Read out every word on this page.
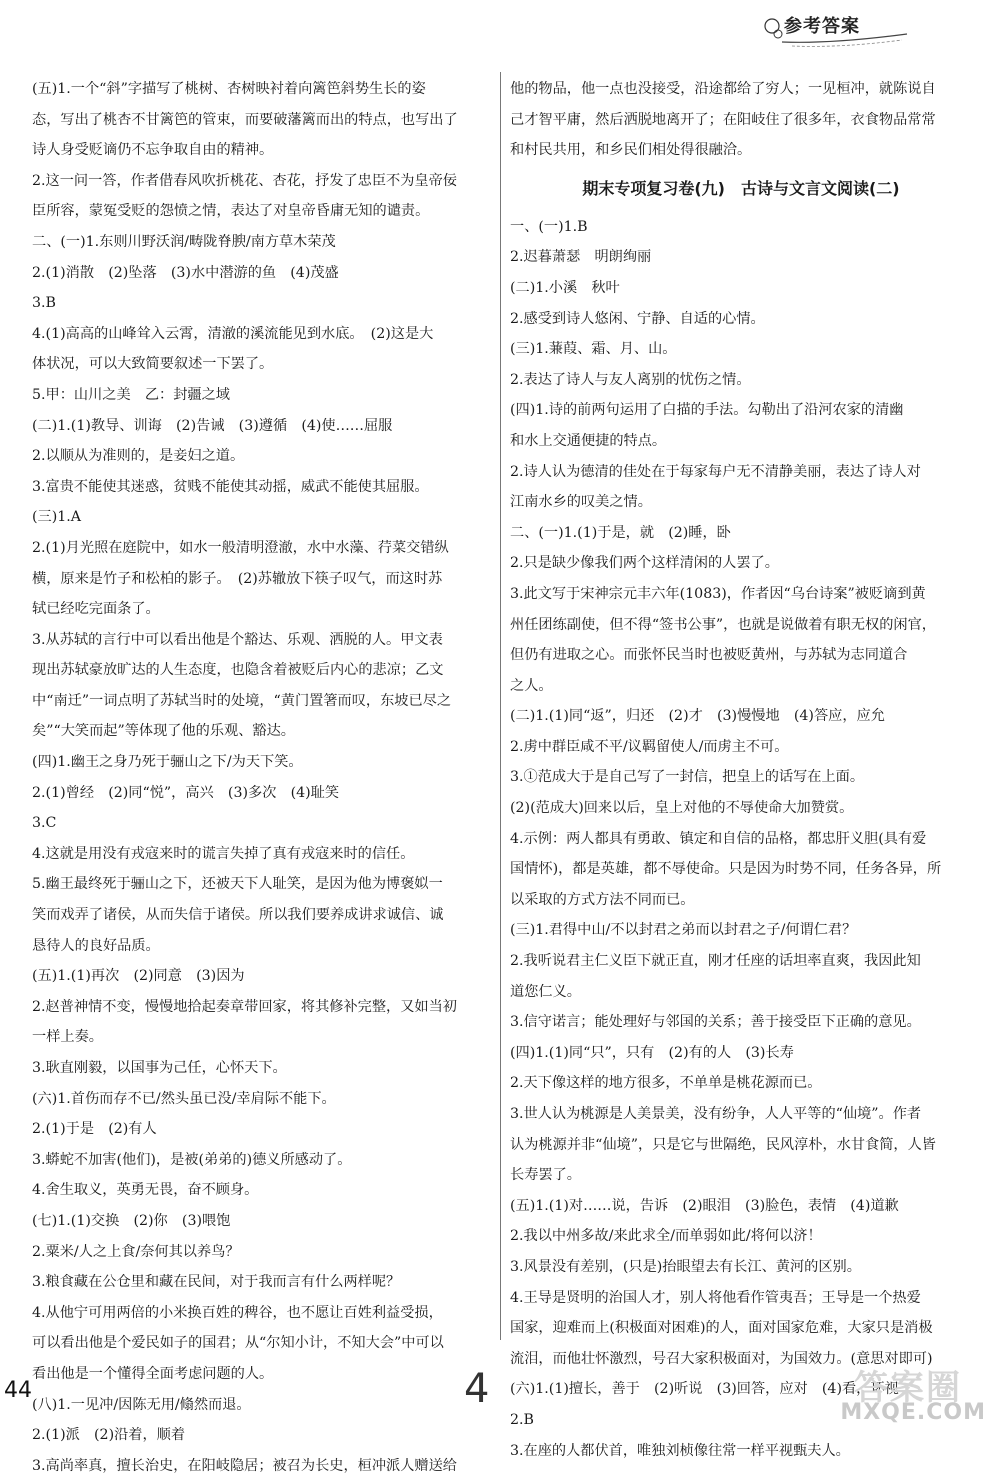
参考答案
(五)1.一个“斜”字描写了桃树、杏树映衬着向篱笆斜势生长的姿
态，写出了桃杏不甘篱笆的管束，而要破藩篱而出的特点，也写出了
诗人身受贬谪仍不忘争取自由的精神。
2.这一问一答，作者借春风吹折桃花、杏花，抒发了忠臣不为皇帝佞
臣所容，蒙冤受贬的怨愤之情，表达了对皇帝昏庸无知的谴责。
二、(一)1.东则川野沃润/畴陇脊腴/南方草木荣茂
2.(1)消散　(2)坠落　(3)水中潜游的鱼　(4)茂盛
3.B
4.(1)高高的山峰耸入云霄，清澈的溪流能见到水底。　(2)这是大
体状况，可以大致简要叙述一下罢了。
5.甲：山川之美　乙：封疆之域
(二)1.(1)教导、训诲　(2)告诫　(3)遵循　(4)使……屈服
2.以顺从为准则的，是妾妇之道。
3.富贵不能使其迷惑，贫贱不能使其动摇，威武不能使其屈服。
(三)1.A
2.(1)月光照在庭院中，如水一般清明澄澈，水中水藻、荇菜交错纵
横，原来是竹子和松柏的影子。　(2)苏辙放下筷子叹气，而这时苏
轼已经吃完面条了。
3.从苏轼的言行中可以看出他是个豁达、乐观、洒脱的人。甲文表
现出苏轼豪放旷达的人生态度，也隐含着被贬后内心的悲凉；乙文
中“南迁”一词点明了苏轼当时的处境，“黄门置箸而叹，东坡已尽之
矣”“大笑而起”等体现了他的乐观、豁达。
(四)1.幽王之身乃死于骊山之下/为天下笑。
2.(1)曾经　(2)同“悦”，高兴　(3)多次　(4)耻笑
3.C
4.这就是用没有戎寇来时的谎言失掉了真有戎寇来时的信任。
5.幽王最终死于骊山之下，还被天下人耻笑，是因为他为博褒姒一
笑而戏弄了诸侯，从而失信于诸侯。所以我们要养成讲求诚信、诚
恳待人的良好品质。
(五)1.(1)再次　(2)同意　(3)因为
2.赵普神情不变，慢慢地拾起奏章带回家，将其修补完整，又如当初
一样上奏。
3.耿直刚毅，以国事为己任，心怀天下。
(六)1.首伤而存不已/然头虽已没/幸肩际不能下。
2.(1)于是　(2)有人
3.蟒蛇不加害(他们)，是被(弟弟的)德义所感动了。
4.舍生取义，英勇无畏，奋不顾身。
(七)1.(1)交换　(2)你　(3)喂饱
2.粟米/人之上食/奈何其以养鸟？
3.粮食藏在公仓里和藏在民间，对于我而言有什么两样呢？
4.从他宁可用两倍的小米换百姓的稗谷，也不愿让百姓利益受损，
可以看出他是个爱民如子的国君；从“尔知小计，不知大会”中可以
看出他是一个懂得全面考虑问题的人。
(八)1.一见冲/因陈无用/翛然而退。
2.(1)派　(2)沿着，顺着
3.高尚率真，擅长治史，在阳岐隐居；被召为长史，桓冲派人赠送给
他的物品，他一点也没接受，沿途都给了穷人；一见桓冲，就陈说自
己才智平庸，然后洒脱地离开了；在阳岐住了很多年，衣食物品常常
和村民共用，和乡民们相处得很融洽。
期末专项复习卷(九)　古诗与文言文阅读(二)
一、(一)1.B
2.迟暮萧瑟　明朗绚丽
(二)1.小溪　秋叶
2.感受到诗人悠闲、宁静、自适的心情。
(三)1.蒹葭、霜、月、山。
2.表达了诗人与友人离别的忧伤之情。
(四)1.诗的前两句运用了白描的手法。勾勒出了沿河农家的清幽
和水上交通便捷的特点。
2.诗人认为德清的佳处在于每家每户无不清静美丽，表达了诗人对
江南水乡的叹美之情。
二、(一)1.(1)于是，就　(2)睡，卧
2.只是缺少像我们两个这样清闲的人罢了。
3.此文写于宋神宗元丰六年(1083)，作者因“乌台诗案”被贬谪到黄
州任团练副使，但不得“签书公事”，也就是说做着有职无权的闲官，
但仍有进取之心。而张怀民当时也被贬黄州，与苏轼为志同道合
之人。
(二)1.(1)同“返”，归还　(2)才　(3)慢慢地　(4)答应，应允
2.虏中群臣咸不平/议羁留使人/而虏主不可。
3.①范成大于是自己写了一封信，把皇上的话写在上面。
(2)(范成大)回来以后，皇上对他的不辱使命大加赞赏。
4.示例：两人都具有勇敢、镇定和自信的品格，都忠肝义胆(具有爱
国情怀)，都是英雄，都不辱使命。只是因为时势不同，任务各异，所
以采取的方式方法不同而已。
(三)1.君得中山/不以封君之弟而以封君之子/何谓仁君？
2.我听说君主仁义臣下就正直，刚才任座的话坦率直爽，我因此知
道您仁义。
3.信守诺言；能处理好与邻国的关系；善于接受臣下正确的意见。
(四)1.(1)同“只”，只有　(2)有的人　(3)长寿
2.天下像这样的地方很多，不单单是桃花源而已。
3.世人认为桃源是人美景美，没有纷争，人人平等的“仙境”。作者
认为桃源并非“仙境”，只是它与世隔绝，民风淳朴，水甘食简，人皆
长寿罢了。
(五)1.(1)对……说，告诉　(2)眼泪　(3)脸色，表情　(4)道歉
2.我以中州多故/来此求全/而单弱如此/将何以济！
3.风景没有差别，(只是)抬眼望去有长江、黄河的区别。
4.王导是贤明的治国人才，别人将他看作管夷吾；王导是一个热爱
国家，迎难而上(积极面对困难)的人，面对国家危难，大家只是消极
流泪，而他壮怀激烈，号召大家积极面对，为国效力。(意思对即可)
(六)1.(1)擅长，善于　(2)听说　(3)回答，应对　(4)看，环视
2.B
3.在座的人都伏首，唯独刘桢像往常一样平视甄夫人。
44	4	答案圈
MXQE.COM
